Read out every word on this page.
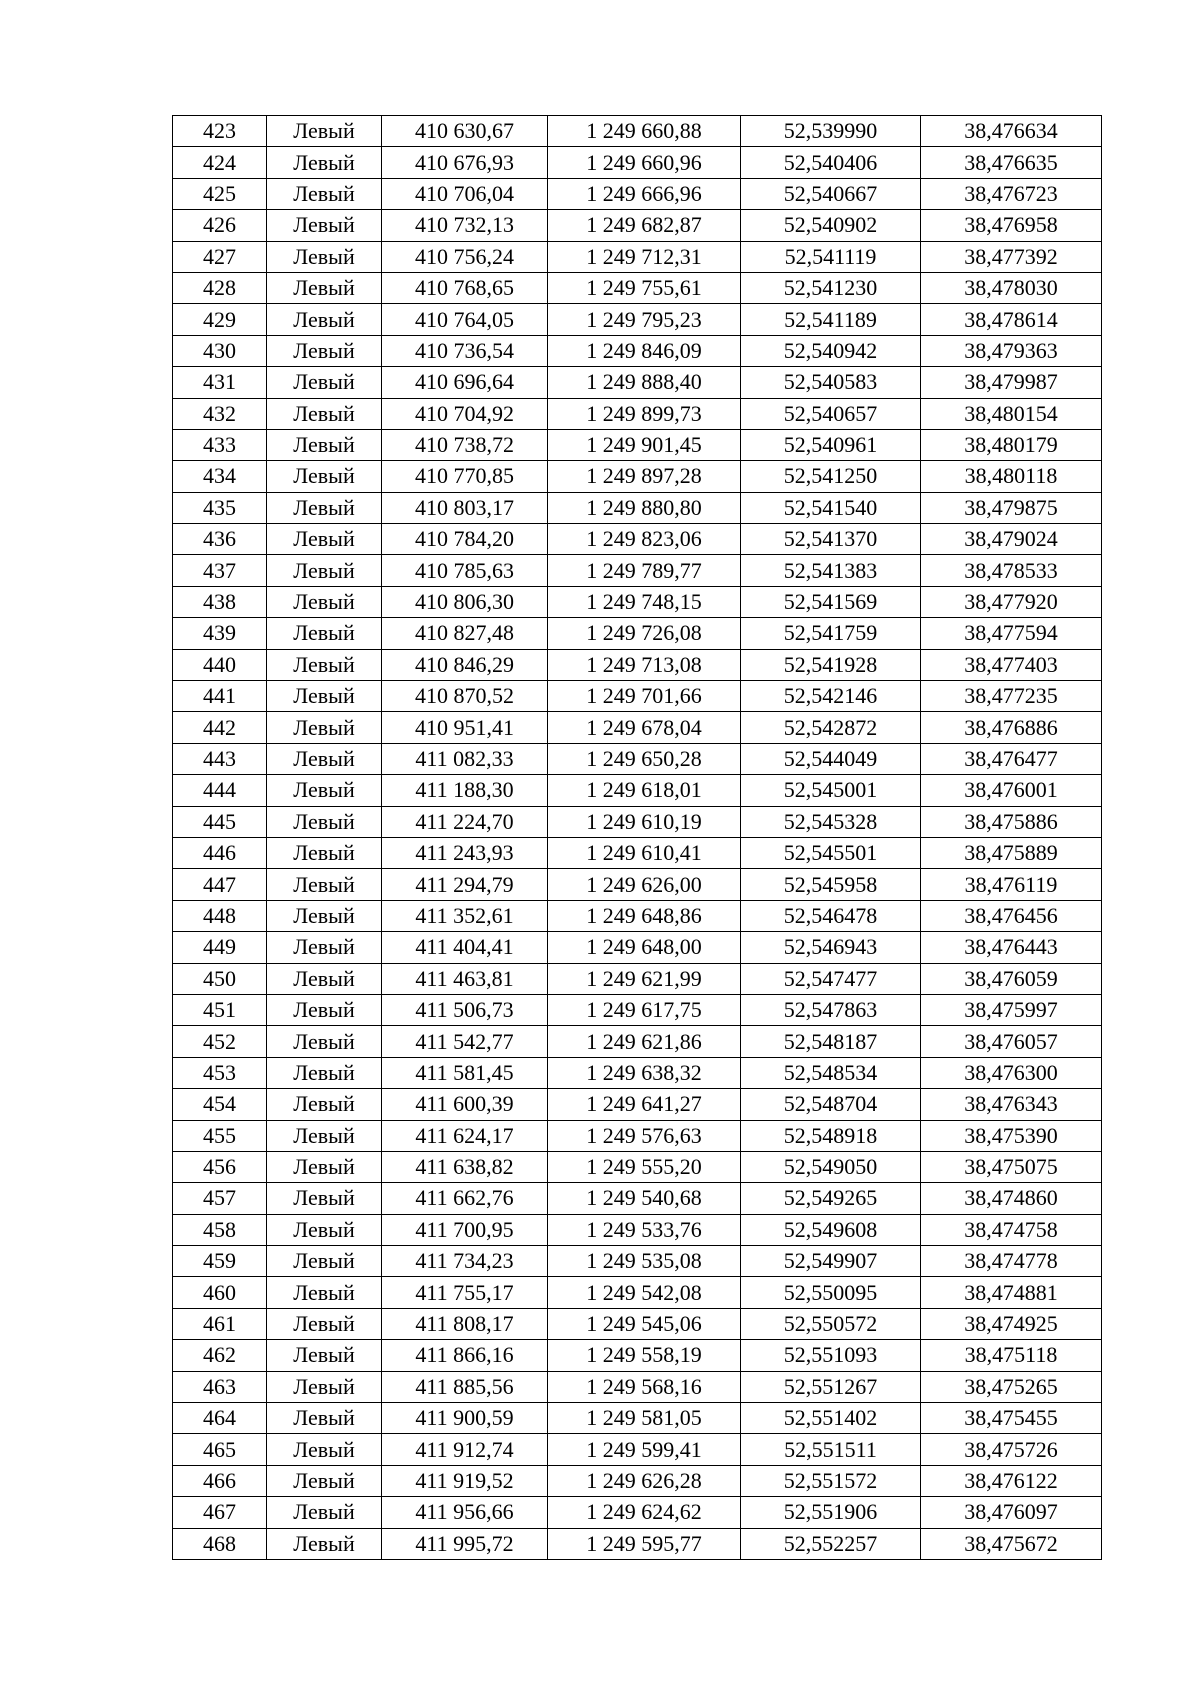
423	Левый	410 630,67	1 249 660,88	52,539990	38,476634
424	Левый	410 676,93	1 249 660,96	52,540406	38,476635
425	Левый	410 706,04	1 249 666,96	52,540667	38,476723
426	Левый	410 732,13	1 249 682,87	52,540902	38,476958
427	Левый	410 756,24	1 249 712,31	52,541119	38,477392
428	Левый	410 768,65	1 249 755,61	52,541230	38,478030
429	Левый	410 764,05	1 249 795,23	52,541189	38,478614
430	Левый	410 736,54	1 249 846,09	52,540942	38,479363
431	Левый	410 696,64	1 249 888,40	52,540583	38,479987
432	Левый	410 704,92	1 249 899,73	52,540657	38,480154
433	Левый	410 738,72	1 249 901,45	52,540961	38,480179
434	Левый	410 770,85	1 249 897,28	52,541250	38,480118
435	Левый	410 803,17	1 249 880,80	52,541540	38,479875
436	Левый	410 784,20	1 249 823,06	52,541370	38,479024
437	Левый	410 785,63	1 249 789,77	52,541383	38,478533
438	Левый	410 806,30	1 249 748,15	52,541569	38,477920
439	Левый	410 827,48	1 249 726,08	52,541759	38,477594
440	Левый	410 846,29	1 249 713,08	52,541928	38,477403
441	Левый	410 870,52	1 249 701,66	52,542146	38,477235
442	Левый	410 951,41	1 249 678,04	52,542872	38,476886
443	Левый	411 082,33	1 249 650,28	52,544049	38,476477
444	Левый	411 188,30	1 249 618,01	52,545001	38,476001
445	Левый	411 224,70	1 249 610,19	52,545328	38,475886
446	Левый	411 243,93	1 249 610,41	52,545501	38,475889
447	Левый	411 294,79	1 249 626,00	52,545958	38,476119
448	Левый	411 352,61	1 249 648,86	52,546478	38,476456
449	Левый	411 404,41	1 249 648,00	52,546943	38,476443
450	Левый	411 463,81	1 249 621,99	52,547477	38,476059
451	Левый	411 506,73	1 249 617,75	52,547863	38,475997
452	Левый	411 542,77	1 249 621,86	52,548187	38,476057
453	Левый	411 581,45	1 249 638,32	52,548534	38,476300
454	Левый	411 600,39	1 249 641,27	52,548704	38,476343
455	Левый	411 624,17	1 249 576,63	52,548918	38,475390
456	Левый	411 638,82	1 249 555,20	52,549050	38,475075
457	Левый	411 662,76	1 249 540,68	52,549265	38,474860
458	Левый	411 700,95	1 249 533,76	52,549608	38,474758
459	Левый	411 734,23	1 249 535,08	52,549907	38,474778
460	Левый	411 755,17	1 249 542,08	52,550095	38,474881
461	Левый	411 808,17	1 249 545,06	52,550572	38,474925
462	Левый	411 866,16	1 249 558,19	52,551093	38,475118
463	Левый	411 885,56	1 249 568,16	52,551267	38,475265
464	Левый	411 900,59	1 249 581,05	52,551402	38,475455
465	Левый	411 912,74	1 249 599,41	52,551511	38,475726
466	Левый	411 919,52	1 249 626,28	52,551572	38,476122
467	Левый	411 956,66	1 249 624,62	52,551906	38,476097
468	Левый	411 995,72	1 249 595,77	52,552257	38,475672
